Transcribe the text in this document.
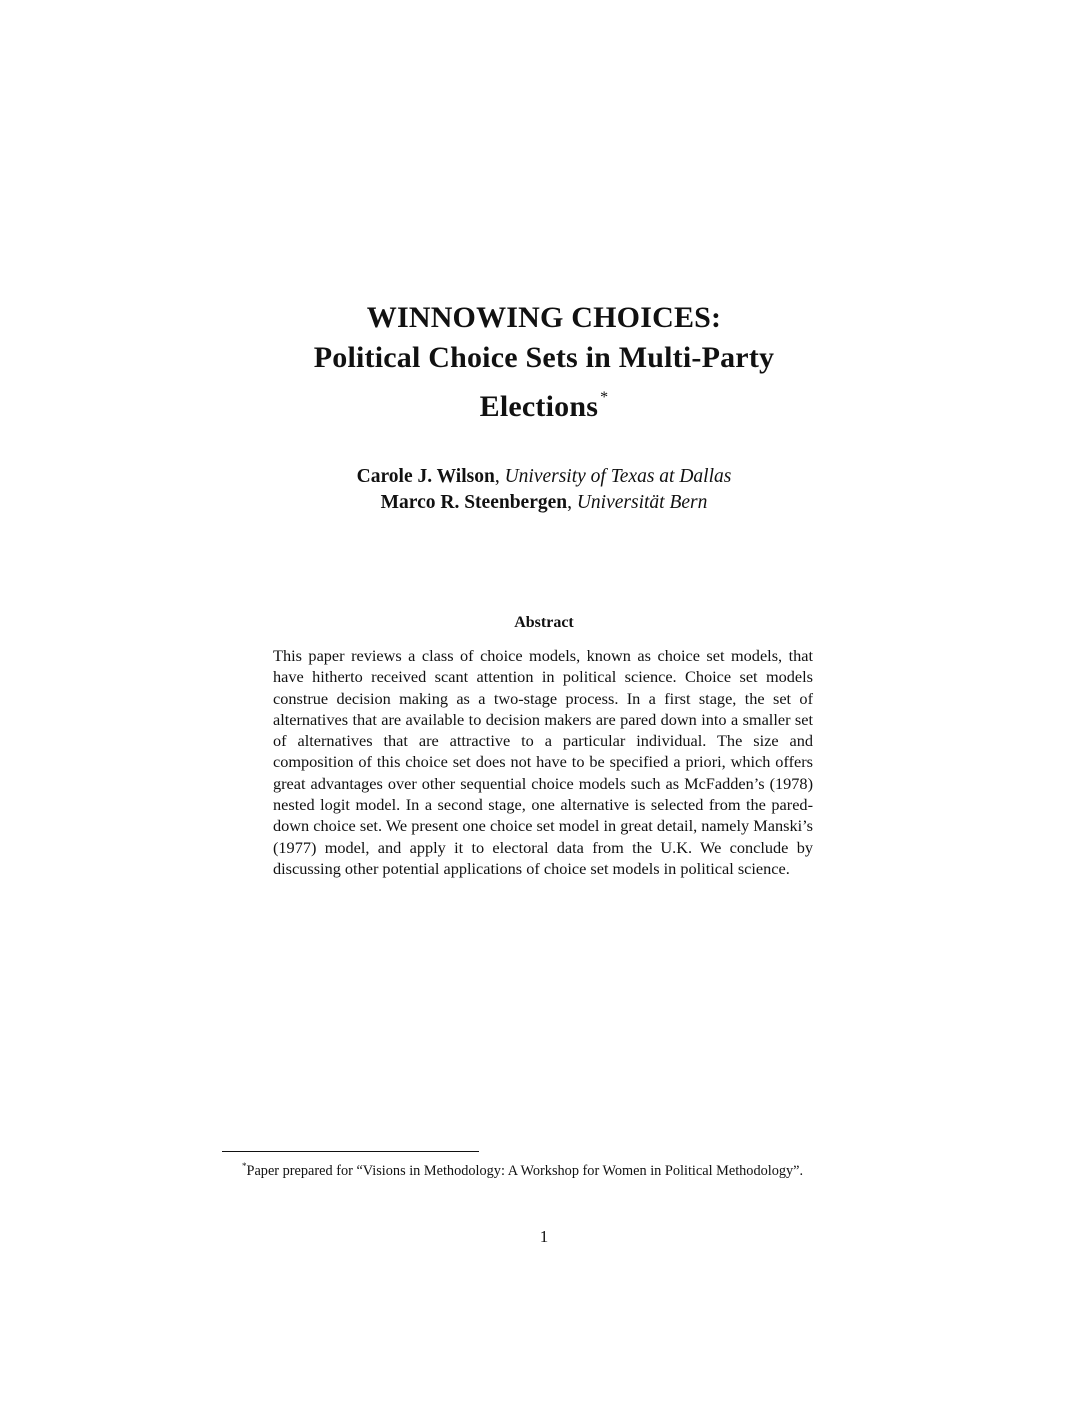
WINNOWING CHOICES:
Political Choice Sets in Multi-Party
Elections *
Carole J. Wilson, University of Texas at Dallas
Marco R. Steenbergen, Universität Bern
Abstract
This paper reviews a class of choice models, known as choice set models, that have hitherto received scant attention in political science. Choice set models construe decision making as a two-stage process. In a first stage, the set of alternatives that are available to decision makers are pared down into a smaller set of alternatives that are attractive to a particular individual. The size and composition of this choice set does not have to be specified a priori, which offers great advantages over other sequential choice models such as McFadden’s (1978) nested logit model. In a second stage, one alternative is selected from the pared-down choice set. We present one choice set model in great detail, namely Manski’s (1977) model, and apply it to electoral data from the U.K. We conclude by discussing other potential applications of choice set models in political science.
*Paper prepared for “Visions in Methodology: A Workshop for Women in Political Methodology”.
1
